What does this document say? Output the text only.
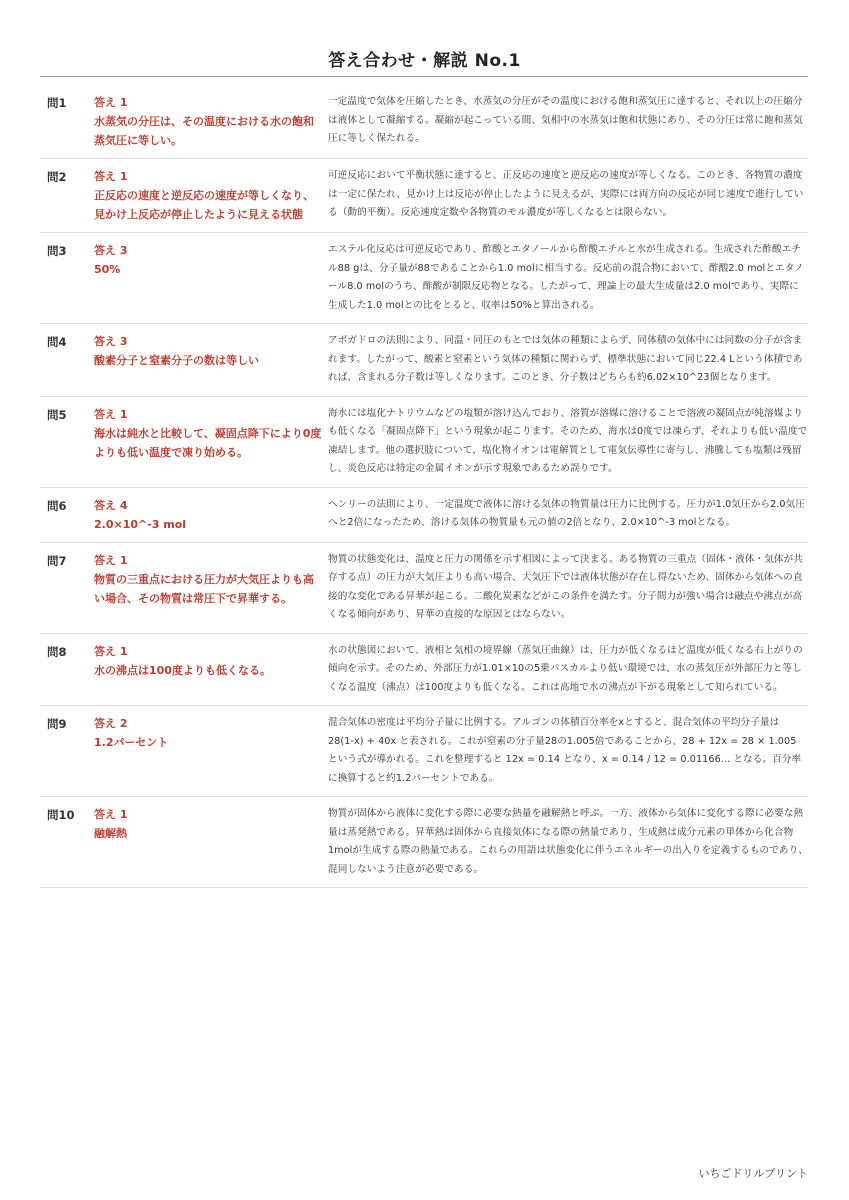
答え合わせ・解説 No.1
問1	答え 1
水蒸気の分圧は、その温度における水の飽和蒸気圧に等しい。
一定温度で気体を圧縮したとき、水蒸気の分圧がその温度における飽和蒸気圧に達すると、それ以上の圧縮分は液体として凝縮する。凝縮が起こっている間、気相中の水蒸気は飽和状態にあり、その分圧は常に飽和蒸気圧に等しく保たれる。
問2	答え 1
正反応の速度と逆反応の速度が等しくなり、見かけ上反応が停止したように見える状態
可逆反応において平衡状態に達すると、正反応の速度と逆反応の速度が等しくなる。このとき、各物質の濃度は一定に保たれ、見かけ上は反応が停止したように見えるが、実際には両方向の反応が同じ速度で進行している（動的平衡）。反応速度定数や各物質のモル濃度が等しくなるとは限らない。
問3	答え 3
50%
エステル化反応は可逆反応であり、酢酸とエタノールから酢酸エチルと水が生成される。生成された酢酸エチル88 gは、分子量が88であることから1.0 molに相当する。反応前の混合物において、酢酸2.0 molとエタノール8.0 molのうち、酢酸が制限反応物となる。したがって、理論上の最大生成量は2.0 molであり、実際に生成した1.0 molとの比をとると、収率は50%と算出される。
問4	答え 3
酸素分子と窒素分子の数は等しい
アボガドロの法則により、同温・同圧のもとでは気体の種類によらず、同体積の気体中には同数の分子が含まれます。したがって、酸素と窒素という気体の種類に関わらず、標準状態において同じ22.4 Lという体積であれば、含まれる分子数は等しくなります。このとき、分子数はどちらも約6.02×10^23個となります。
問5	答え 1
海水は純水と比較して、凝固点降下により0度よりも低い温度で凍り始める。
海水には塩化ナトリウムなどの塩類が溶け込んでおり、溶質が溶媒に溶けることで溶液の凝固点が純溶媒よりも低くなる「凝固点降下」という現象が起こります。そのため、海水は0度では凍らず、それよりも低い温度で凍結します。他の選択肢について、塩化物イオンは電解質として電気伝導性に寄与し、沸騰しても塩類は残留し、炎色反応は特定の金属イオンが示す現象であるため誤りです。
問6	答え 4
2.0×10^-3 mol
ヘンリーの法則により、一定温度で液体に溶ける気体の物質量は圧力に比例する。圧力が1.0気圧から2.0気圧へと2倍になったため、溶ける気体の物質量も元の値の2倍となり、2.0×10^-3 molとなる。
問7	答え 1
物質の三重点における圧力が大気圧よりも高い場合、その物質は常圧下で昇華する。
物質の状態変化は、温度と圧力の関係を示す相図によって決まる。ある物質の三重点（固体・液体・気体が共存する点）の圧力が大気圧よりも高い場合、大気圧下では液体状態が存在し得ないため、固体から気体への直接的な変化である昇華が起こる。二酸化炭素などがこの条件を満たす。分子間力が強い場合は融点や沸点が高くなる傾向があり、昇華の直接的な原因とはならない。
問8	答え 1
水の沸点は100度よりも低くなる。
水の状態図において、液相と気相の境界線（蒸気圧曲線）は、圧力が低くなるほど温度が低くなる右上がりの傾向を示す。そのため、外部圧力が1.01×10の5乗パスカルより低い環境では、水の蒸気圧が外部圧力と等しくなる温度（沸点）は100度よりも低くなる。これは高地で水の沸点が下がる現象として知られている。
問9	答え 2
1.2パーセント
混合気体の密度は平均分子量に比例する。アルゴンの体積百分率をxとすると、混合気体の平均分子量は 28(1-x) + 40x と表される。これが窒素の分子量28の1.005倍であることから、28 + 12x = 28 × 1.005 という式が導かれる。これを整理すると 12x = 0.14 となり、x = 0.14 / 12 = 0.01166... となる。百分率に換算すると約1.2パーセントである。
問10	答え 1
融解熱
物質が固体から液体に変化する際に必要な熱量を融解熱と呼ぶ。一方、液体から気体に変化する際に必要な熱量は蒸発熱である。昇華熱は固体から直接気体になる際の熱量であり、生成熱は成分元素の単体から化合物1molが生成する際の熱量である。これらの用語は状態変化に伴うエネルギーの出入りを定義するものであり、混同しないよう注意が必要である。
いちごドリルプリント
